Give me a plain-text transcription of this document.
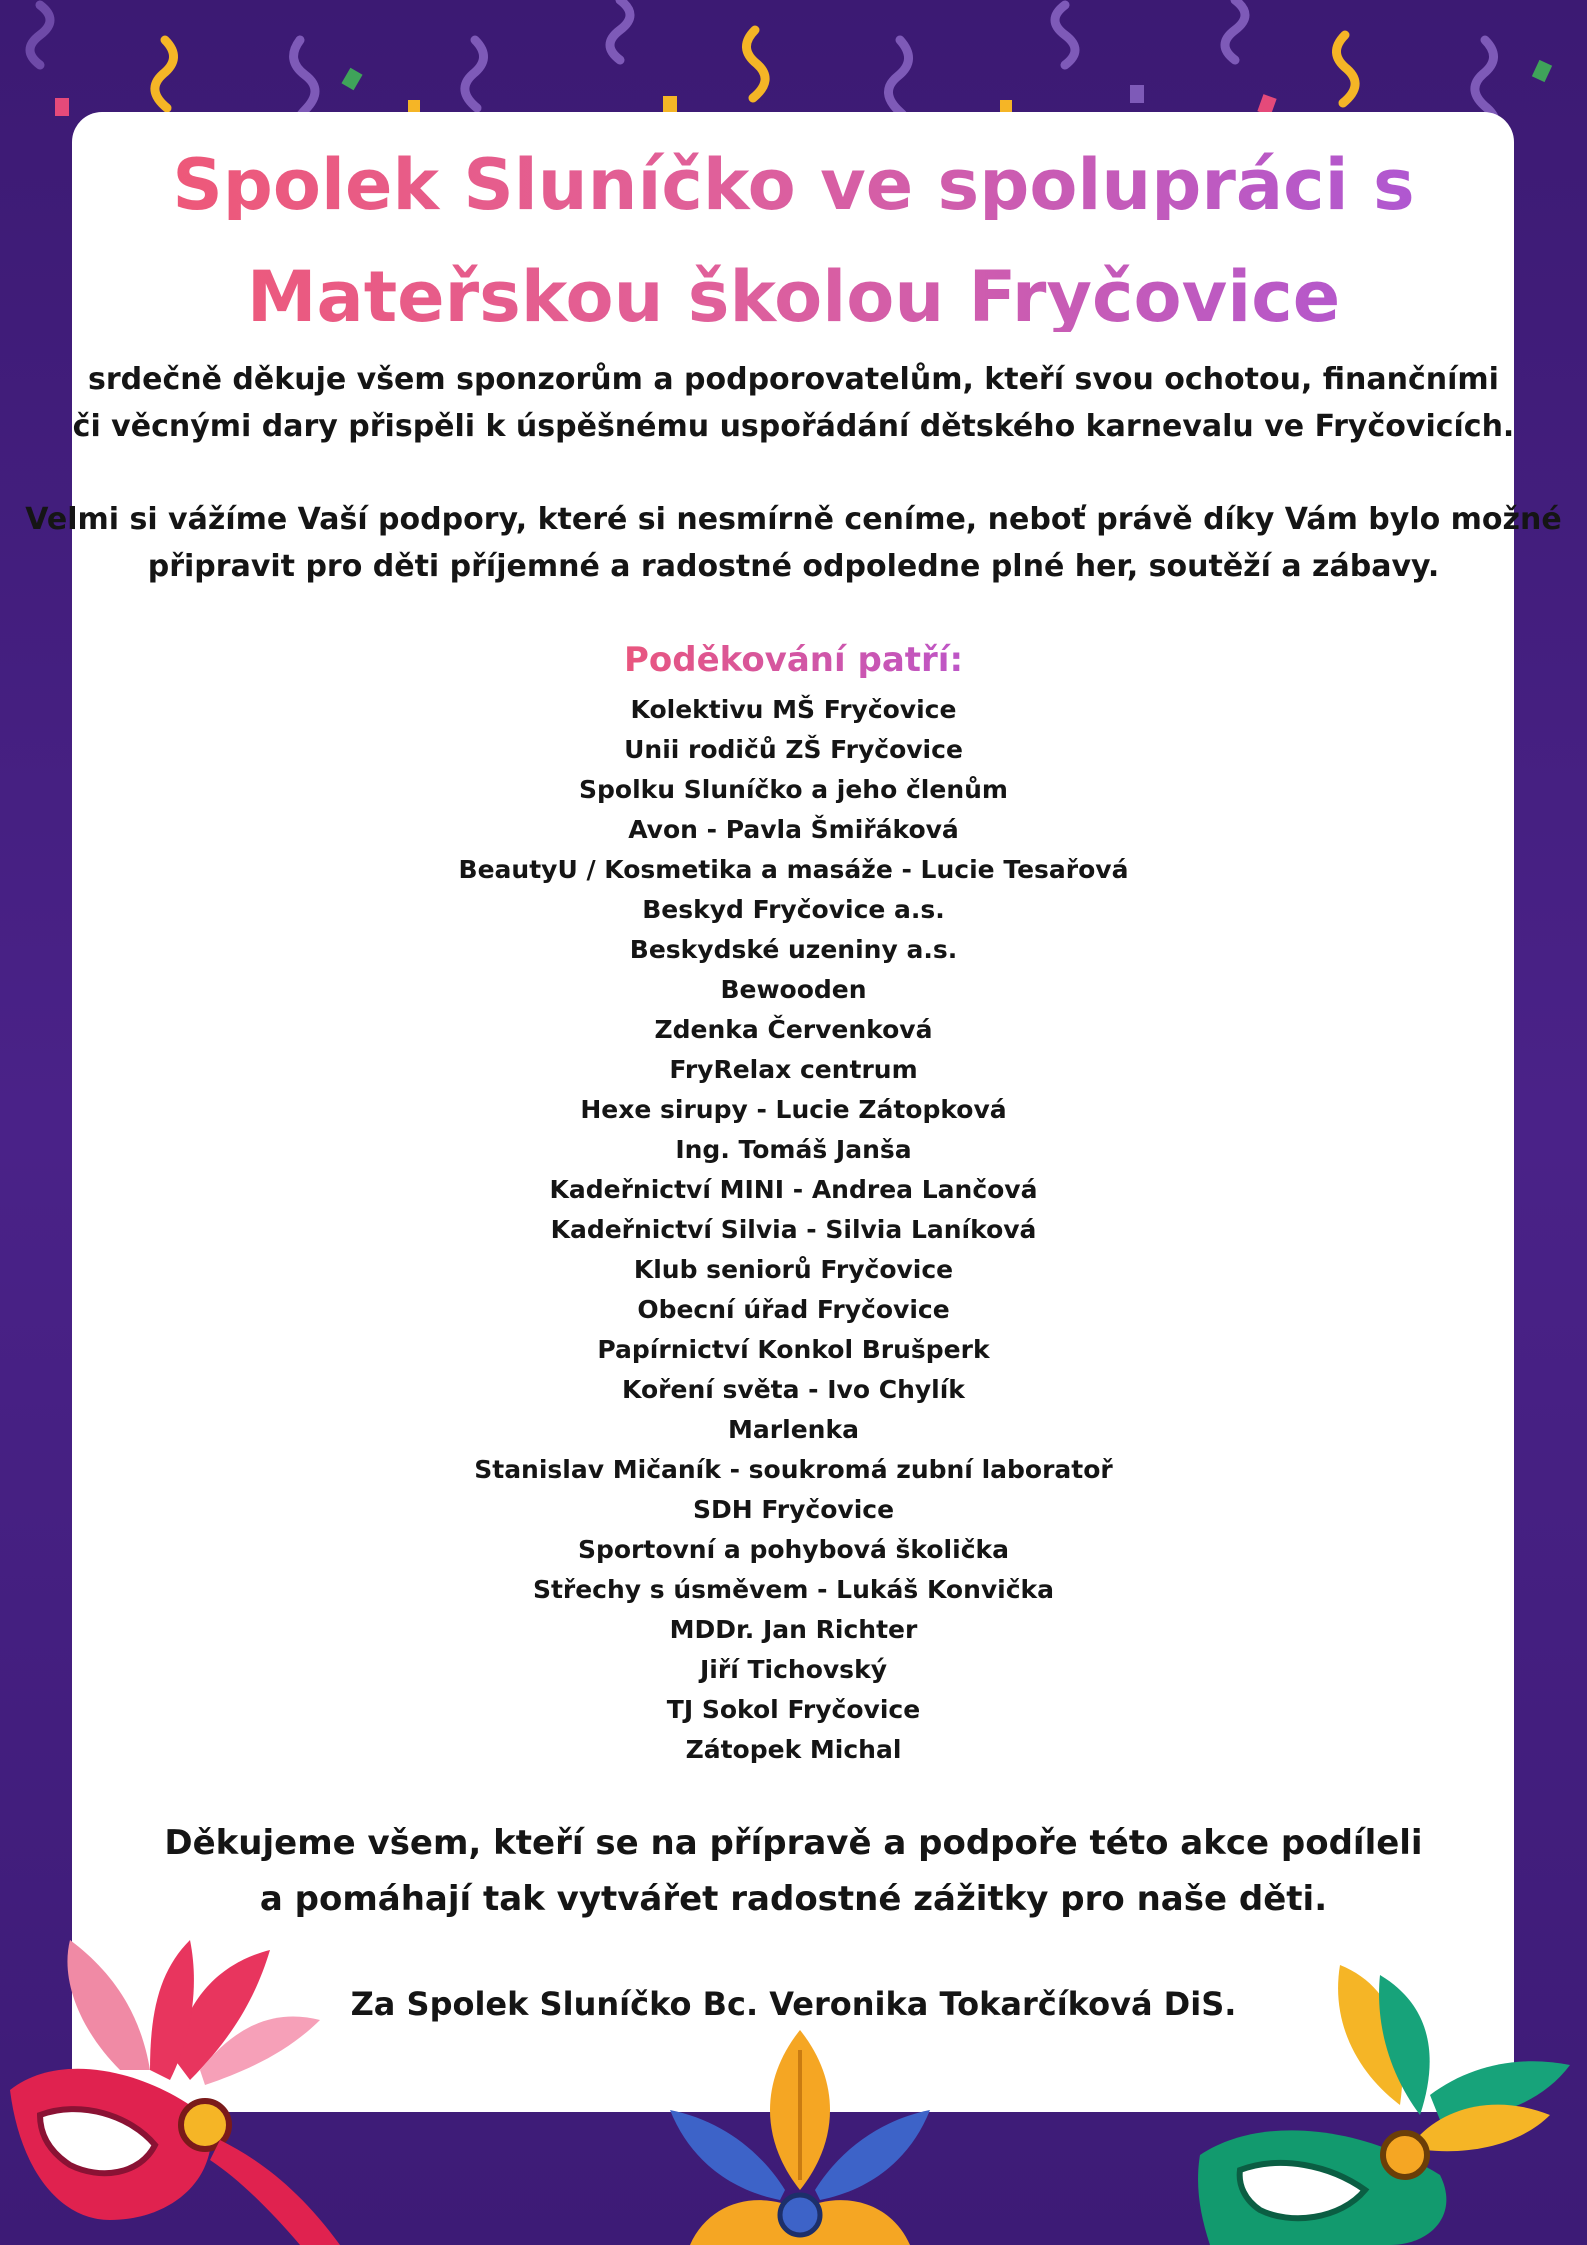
Spolek Sluníčko ve spolupráci s
Mateřskou školou Fryčovice
srdečně děkuje všem sponzorům a podporovatelům, kteří svou ochotou, finančními
či věcnými dary přispěli k úspěšnému uspořádání dětského karnevalu ve Fryčovicích.
Velmi si vážíme Vaší podpory, které si nesmírně ceníme, neboť právě díky Vám bylo možné
připravit pro děti příjemné a radostné odpoledne plné her, soutěží a zábavy.
Poděkování patří:
Kolektivu MŠ Fryčovice
Unii rodičů ZŠ Fryčovice
Spolku Sluníčko a jeho členům
Avon - Pavla Šmiřáková
BeautyU / Kosmetika a masáže - Lucie Tesařová
Beskyd Fryčovice a.s.
Beskydské uzeniny a.s.
Bewooden
Zdenka Červenková
FryRelax centrum
Hexe sirupy - Lucie Zátopková
Ing. Tomáš Janša
Kadeřnictví MINI - Andrea Lančová
Kadeřnictví Silvia - Silvia Laníková
Klub seniorů Fryčovice
Obecní úřad Fryčovice
Papírnictví Konkol Brušperk
Koření světa - Ivo Chylík
Marlenka
Stanislav Mičaník - soukromá zubní laboratoř
SDH Fryčovice
Sportovní a pohybová školička
Střechy s úsměvem - Lukáš Konvička
MDDr. Jan Richter
Jiří Tichovský
TJ Sokol Fryčovice
Zátopek Michal
Děkujeme všem, kteří se na přípravě a podpoře této akce podíleli
a pomáhají tak vytvářet radostné zážitky pro naše děti.
Za Spolek Sluníčko Bc. Veronika Tokarčíková DiS.
